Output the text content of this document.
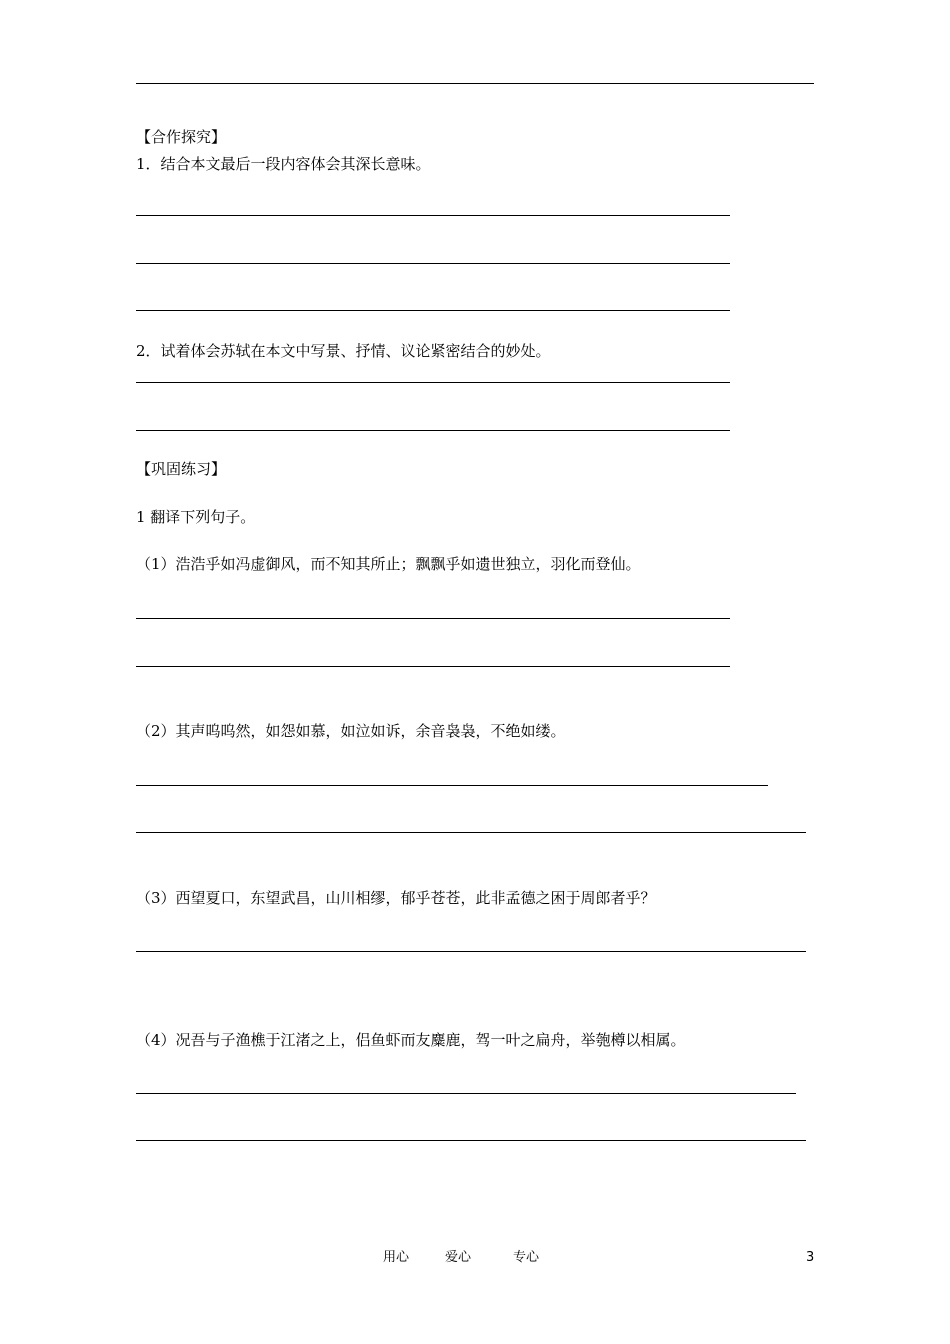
【合作探究】
1．结合本文最后一段内容体会其深长意味。
2．试着体会苏轼在本文中写景、抒情、议论紧密结合的妙处。
【巩固练习】
1 翻译下列句子。
（1）浩浩乎如冯虚御风，而不知其所止；飘飘乎如遗世独立，羽化而登仙。
（2）其声呜呜然，如怨如慕，如泣如诉，余音袅袅，不绝如缕。
（3）西望夏口，东望武昌，山川相缪，郁乎苍苍，此非孟德之困于周郎者乎？
（4）况吾与子渔樵于江渚之上，侣鱼虾而友麋鹿，驾一叶之扁舟，举匏樽以相属。
用心	爱心	专心	3
